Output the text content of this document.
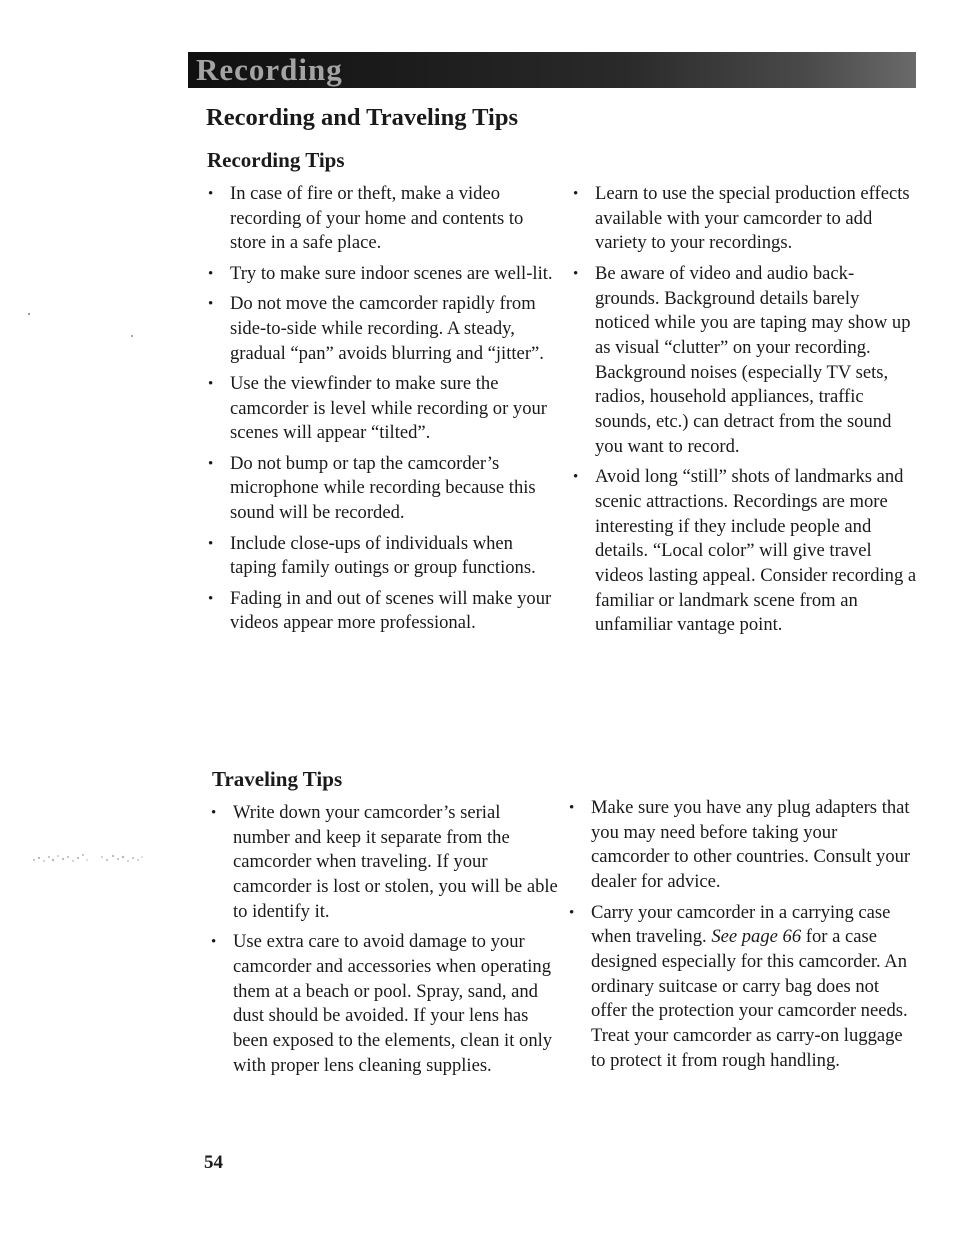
Recording
Recording and Traveling Tips
Recording Tips
• In case of fire or theft, make a video recording of your home and contents to store in a safe place.
• Try to make sure indoor scenes are well-lit.
• Do not move the camcorder rapidly from side-to-side while recording. A steady, gradual “pan” avoids blurring and “jitter”.
• Use the viewfinder to make sure the camcorder is level while recording or your scenes will appear “tilted”.
• Do not bump or tap the camcorder’s microphone while recording because this sound will be recorded.
• Include close-ups of individuals when taping family outings or group functions.
• Fading in and out of scenes will make your videos appear more professional.
• Learn to use the special production effects available with your camcorder to add variety to your recordings.
• Be aware of video and audio back-grounds. Background details barely noticed while you are taping may show up as visual “clutter” on your recording. Background noises (especially TV sets, radios, household appliances, traffic sounds, etc.) can detract from the sound you want to record.
• Avoid long “still” shots of landmarks and scenic attractions. Recordings are more interesting if they include people and details. “Local color” will give travel videos lasting appeal. Consider recording a familiar or landmark scene from an unfamiliar vantage point.
Traveling Tips
• Write down your camcorder’s serial number and keep it separate from the camcorder when traveling. If your camcorder is lost or stolen, you will be able to identify it.
• Use extra care to avoid damage to your camcorder and accessories when operating them at a beach or pool. Spray, sand, and dust should be avoided. If your lens has been exposed to the elements, clean it only with proper lens cleaning supplies.
• Make sure you have any plug adapters that you may need before taking your camcorder to other countries. Consult your dealer for advice.
• Carry your camcorder in a carrying case when traveling. See page 66 for a case designed especially for this camcorder. An ordinary suitcase or carry bag does not offer the protection your camcorder needs. Treat your camcorder as carry-on luggage to protect it from rough handling.
54
